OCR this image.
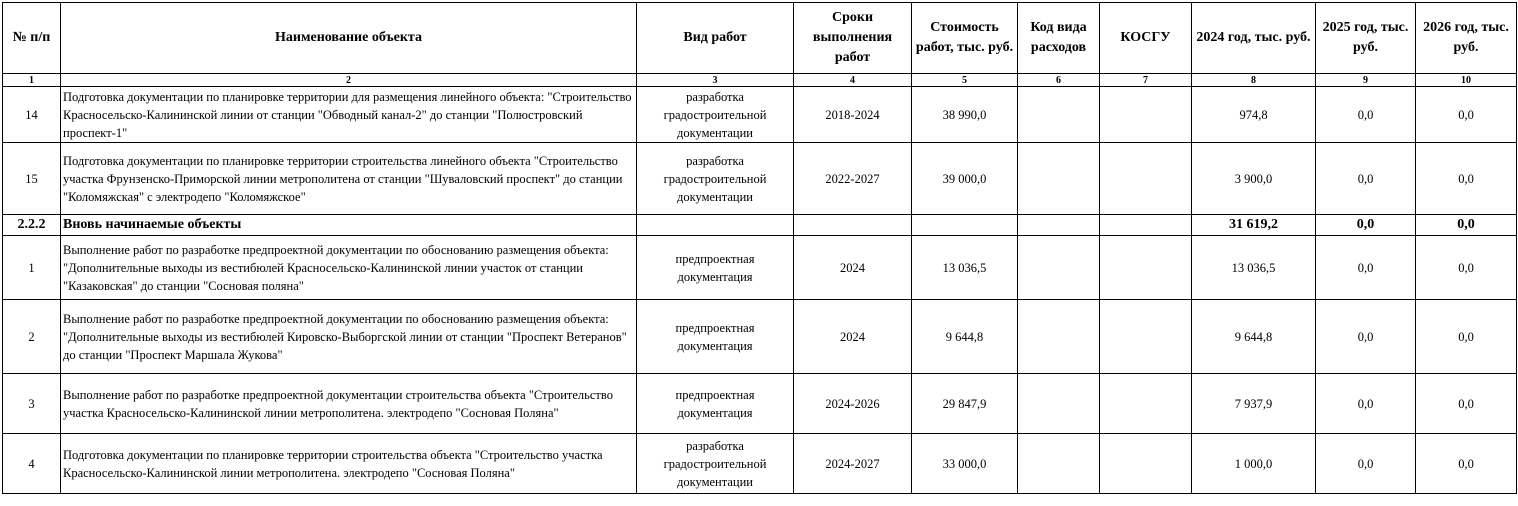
№ п/п	Наименование объекта	Вид работ	Сроки выполнения работ	Стоимость работ, тыс. руб.	Код вида расходов	КОСГУ	2024 год, тыс. руб.	2025 год, тыс. руб.	2026 год, тыс. руб.
1	2	3	4	5	6	7	8	9	10
14	Подготовка документации по планировке территории для размещения линейного объекта: "Строительство Красносельско-Калининской линии от станции "Обводный канал-2" до станции "Полюстровский проспект-1"	разработка градостроительной документации	2018-2024	38 990,0			974,8	0,0	0,0
15	Подготовка документации по планировке территории строительства линейного объекта "Строительство участка Фрунзенско-Приморской линии метрополитена от станции "Шуваловский проспект" до станции "Коломяжская" с электродепо "Коломяжское"	разработка градостроительной документации	2022-2027	39 000,0			3 900,0	0,0	0,0
2.2.2	Вновь начинаемые объекты						31 619,2	0,0	0,0
1	Выполнение работ по разработке предпроектной документации по обоснованию размещения объекта: "Дополнительные выходы из вестибюлей Красносельско-Калининской линии участок от станции "Казаковская" до станции "Сосновая поляна"	предпроектная документация	2024	13 036,5			13 036,5	0,0	0,0
2	Выполнение работ по разработке предпроектной документации по обоснованию размещения объекта: "Дополнительные выходы из вестибюлей Кировско-Выборгской линии от станции "Проспект Ветеранов" до станции "Проспект Маршала Жукова"	предпроектная документация	2024	9 644,8			9 644,8	0,0	0,0
3	Выполнение работ по разработке предпроектной документации строительства объекта "Строительство участка Красносельско-Калининской линии метрополитена. электродепо "Сосновая Поляна"	предпроектная документация	2024-2026	29 847,9			7 937,9	0,0	0,0
4	Подготовка документации по планировке территории строительства объекта "Строительство участка Красносельско-Калининской линии метрополитена. электродепо "Сосновая Поляна"	разработка градостроительной документации	2024-2027	33 000,0			1 000,0	0,0	0,0
